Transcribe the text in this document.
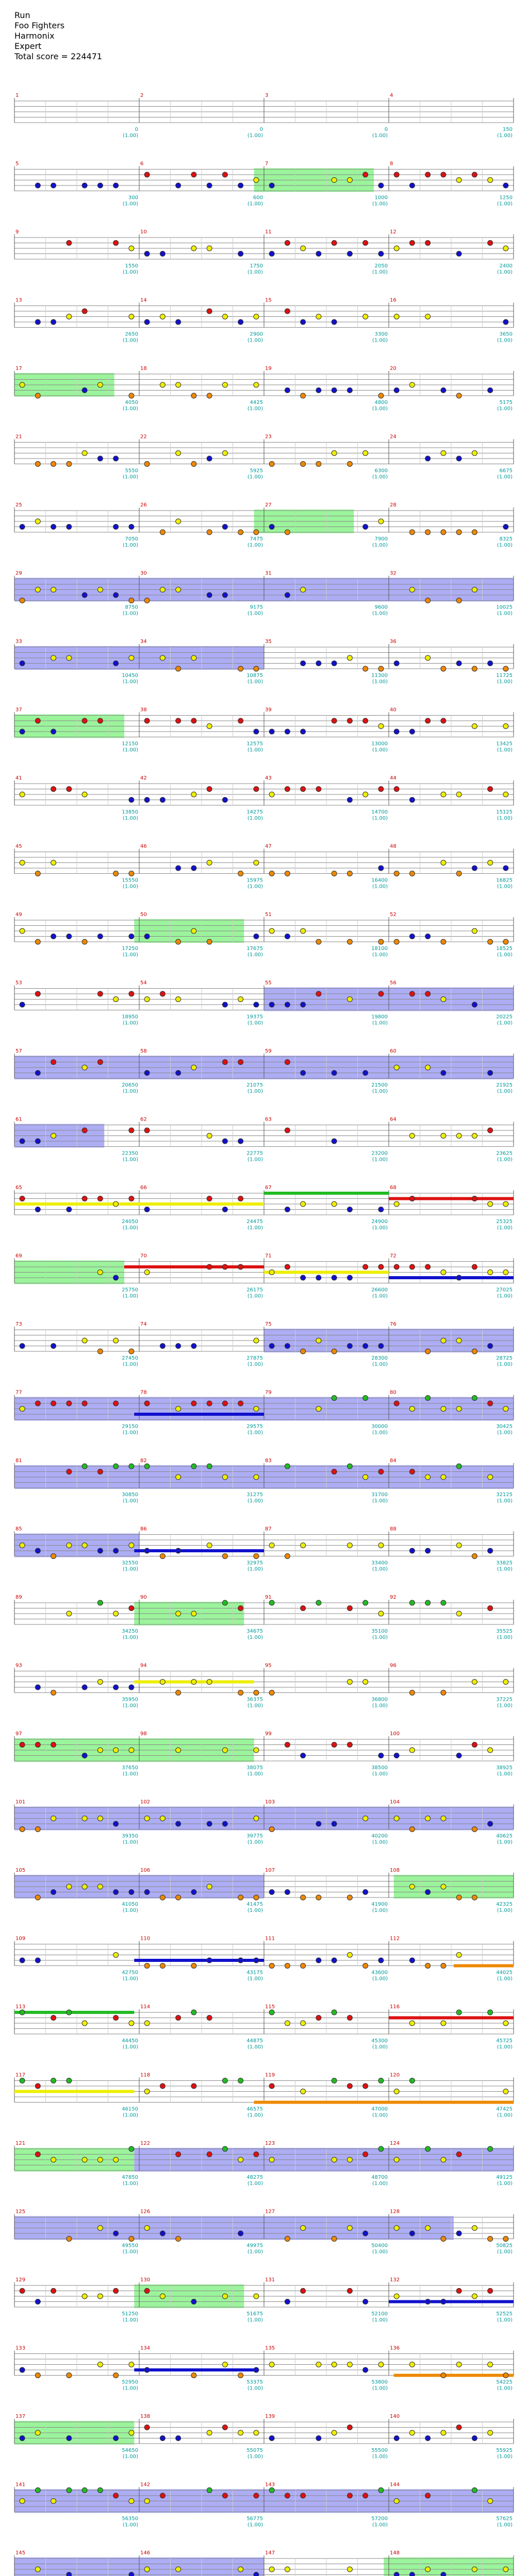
Run
Foo Fighters
Harmonix
Expert
Total score = 224471
1
0
(1.00)
2
0
(1.00)
3
0
(1.00)
4
150
(1.00)
5
300
(1.00)
6
600
(1.00)
7
1000
(1.00)
8
1250
(1.00)
9
1550
(1.00)
10
1750
(1.00)
11
2050
(1.00)
12
2400
(1.00)
13
2650
(1.00)
14
2900
(1.00)
15
3300
(1.00)
16
3650
(1.00)
17
4050
(1.00)
18
4425
(1.00)
19
4800
(1.00)
20
5175
(1.00)
21
5550
(1.00)
22
5925
(1.00)
23
6300
(1.00)
24
6675
(1.00)
25
7050
(1.00)
26
7475
(1.00)
27
7900
(1.00)
28
8325
(1.00)
29
8750
(1.00)
30
9175
(1.00)
31
9600
(1.00)
32
10025
(1.00)
33
10450
(1.00)
34
10875
(1.00)
35
11300
(1.00)
36
11725
(1.00)
37
12150
(1.00)
38
12575
(1.00)
39
13000
(1.00)
40
13425
(1.00)
41
13850
(1.00)
42
14275
(1.00)
43
14700
(1.00)
44
15125
(1.00)
45
15550
(1.00)
46
15975
(1.00)
47
16400
(1.00)
48
16825
(1.00)
49
17250
(1.00)
50
17675
(1.00)
51
18100
(1.00)
52
18525
(1.00)
53
18950
(1.00)
54
19375
(1.00)
55
19800
(1.00)
56
20225
(1.00)
57
20650
(1.00)
58
21075
(1.00)
59
21500
(1.00)
60
21925
(1.00)
61
22350
(1.00)
62
22775
(1.00)
63
23200
(1.00)
64
23625
(1.00)
65
24050
(1.00)
66
24475
(1.00)
67
24900
(1.00)
68
25325
(1.00)
69
25750
(1.00)
70
26175
(1.00)
71
26600
(1.00)
72
27025
(1.00)
73
27450
(1.00)
74
27875
(1.00)
75
28300
(1.00)
76
28725
(1.00)
77
29150
(1.00)
78
29575
(1.00)
79
30000
(1.00)
80
30425
(1.00)
81
30850
(1.00)
82
31275
(1.00)
83
31700
(1.00)
84
32125
(1.00)
85
32550
(1.00)
86
32975
(1.00)
87
33400
(1.00)
88
33825
(1.00)
89
34250
(1.00)
90
34675
(1.00)
91
35100
(1.00)
92
35525
(1.00)
93
35950
(1.00)
94
36375
(1.00)
95
36800
(1.00)
96
37225
(1.00)
97
37650
(1.00)
98
38075
(1.00)
99
38500
(1.00)
100
38925
(1.00)
101
39350
(1.00)
102
39775
(1.00)
103
40200
(1.00)
104
40625
(1.00)
105
41050
(1.00)
106
41475
(1.00)
107
41900
(1.00)
108
42325
(1.00)
109
42750
(1.00)
110
43175
(1.00)
111
43600
(1.00)
112
44025
(1.00)
113
44450
(1.00)
114
44875
(1.00)
115
45300
(1.00)
116
45725
(1.00)
117
46150
(1.00)
118
46575
(1.00)
119
47000
(1.00)
120
47425
(1.00)
121
47850
(1.00)
122
48275
(1.00)
123
48700
(1.00)
124
49125
(1.00)
125
49550
(1.00)
126
49975
(1.00)
127
50400
(1.00)
128
50825
(1.00)
129
51250
(1.00)
130
51675
(1.00)
131
52100
(1.00)
132
52525
(1.00)
133
52950
(1.00)
134
53375
(1.00)
135
53800
(1.00)
136
54225
(1.00)
137
54650
(1.00)
138
55075
(1.00)
139
55500
(1.00)
140
55925
(1.00)
141
56350
(1.00)
142
56775
(1.00)
143
57200
(1.00)
144
57625
(1.00)
145	146	147	148
